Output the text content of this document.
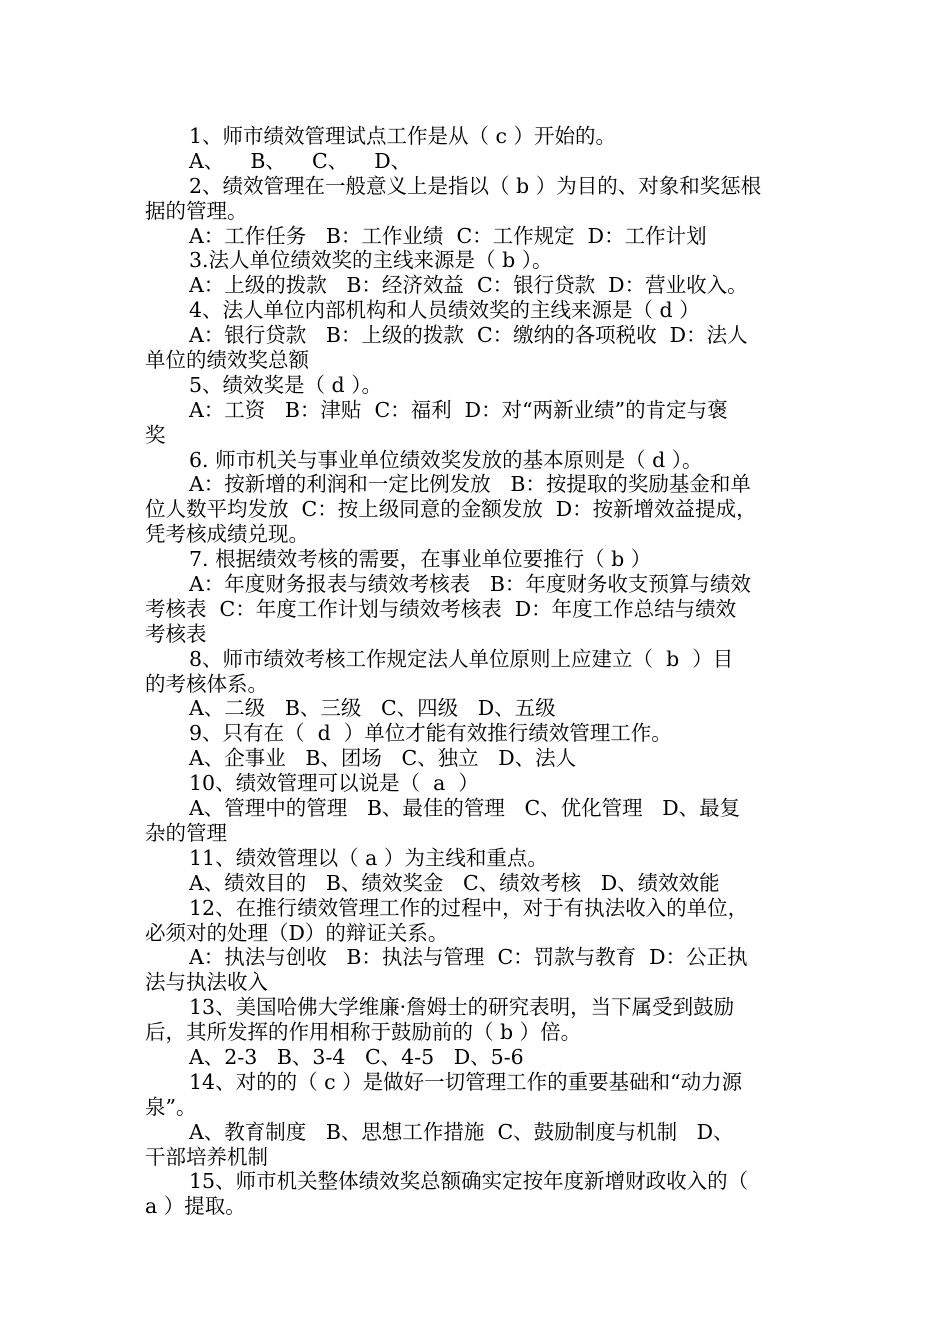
1、师市绩效管理试点工作是从（ c ）开始的。
A、    B、    C、    D、
2、绩效管理在一般意义上是指以（ b ）为目的、对象和奖惩根
据的管理。
A：工作任务   B：工作业绩  C：工作规定  D：工作计划
3.法人单位绩效奖的主线来源是（ b ）。
A：上级的拨款   B：经济效益  C：银行贷款  D：营业收入。
4、法人单位内部机构和人员绩效奖的主线来源是（ d ）
A：银行贷款   B：上级的拨款  C：缴纳的各项税收  D：法人
单位的绩效奖总额
5、绩效奖是（ d ）。
A：工资   B：津贴  C：福利  D：对“两新业绩”的肯定与褒
奖
6. 师市机关与事业单位绩效奖发放的基本原则是（ d ）。
A：按新增的利润和一定比例发放   B：按提取的奖励基金和单
位人数平均发放  C：按上级同意的金额发放  D：按新增效益提成，
凭考核成绩兑现。
7. 根据绩效考核的需要，在事业单位要推行（ b ）
A：年度财务报表与绩效考核表   B：年度财务收支预算与绩效
考核表  C：年度工作计划与绩效考核表  D：年度工作总结与绩效
考核表
8、师市绩效考核工作规定法人单位原则上应建立（  b  ）目
的考核体系。
A、二级   B、三级   C、四级   D、五级
9、只有在（  d  ）单位才能有效推行绩效管理工作。
A、企事业   B、团场   C、独立   D、法人
10、绩效管理可以说是（  a  ）
A、管理中的管理   B、最佳的管理   C、优化管理   D、最复
杂的管理
11、绩效管理以（ a ）为主线和重点。
A、绩效目的   B、绩效奖金   C、绩效考核   D、绩效效能
12、在推行绩效管理工作的过程中，对于有执法收入的单位，
必须对的处理（D）的辩证关系。
A：执法与创收   B：执法与管理  C：罚款与教育  D：公正执
法与执法收入
13、美国哈佛大学维廉·詹姆士的研究表明，当下属受到鼓励
后，其所发挥的作用相称于鼓励前的（ b ）倍。
A、2-3   B、3-4   C、4-5   D、5-6
14、对的的（ c ）是做好一切管理工作的重要基础和“动力源
泉”。
A、教育制度   B、思想工作措施  C、鼓励制度与机制   D、
干部培养机制
15、师市机关整体绩效奖总额确实定按年度新增财政收入的（
a ）提取。
